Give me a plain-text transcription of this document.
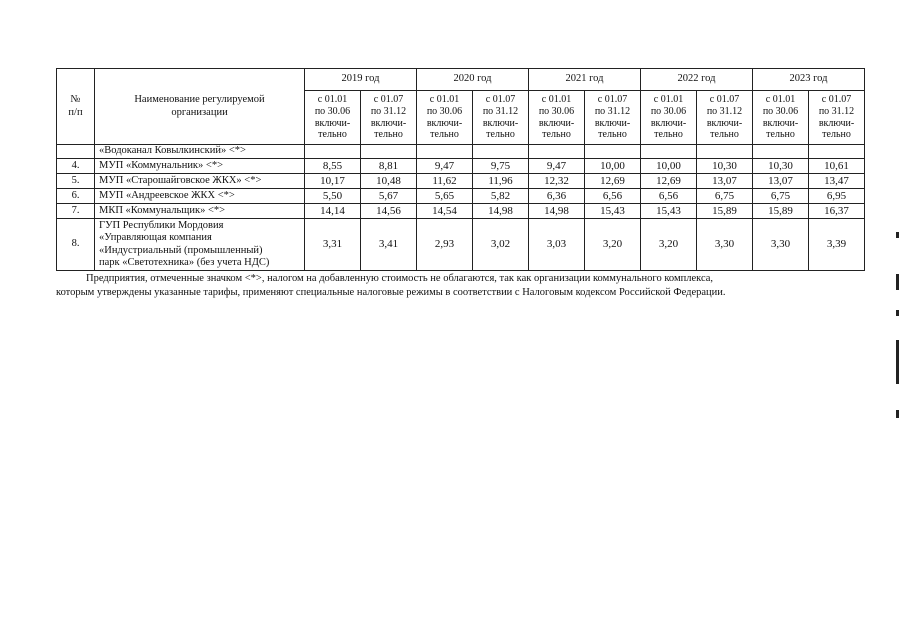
№
п/п	Наименование регулируемой
организации	2019 год		2020 год		2021 год		2022 год		2023 год	
		с 01.01
по 30.06
включи-
тельно	с 01.07
по 31.12
включи-
тельно	с 01.01
по 30.06
включи-
тельно	с 01.07
по 31.12
включи-
тельно	с 01.01
по 30.06
включи-
тельно	с 01.07
по 31.12
включи-
тельно	с 01.01
по 30.06
включи-
тельно	с 01.07
по 31.12
включи-
тельно	с 01.01
по 30.06
включи-
тельно	с 01.07
по 31.12
включи-
тельно
	«Водоканал Ковылкинский» <*>										
4.	МУП «Коммунальник» <*>	8,55	8,81	9,47	9,75	9,47	10,00	10,00	10,30	10,30	10,61
5.	МУП «Старошайговское ЖКХ» <*>	10,17	10,48	11,62	11,96	12,32	12,69	12,69	13,07	13,07	13,47
6.	МУП «Андреевское ЖКХ <*>	5,50	5,67	5,65	5,82	6,36	6,56	6,56	6,75	6,75	6,95
7.	МКП «Коммунальщик» <*>	14,14	14,56	14,54	14,98	14,98	15,43	15,43	15,89	15,89	16,37
8.	ГУП Республики Мордовия
«Управляющая компания
«Индустриальный (промышленный)
парк «Светотехника» (без учета НДС)	3,31	3,41	2,93	3,02	3,03	3,20	3,20	3,30	3,30	3,39
Предприятия, отмеченные значком <*>, налогом на добавленную стоимость не облагаются, так как организации коммунального комплекса,
которым утверждены указанные тарифы, применяют специальные налоговые режимы в соответствии с Налоговым кодексом Российской Федерации.
